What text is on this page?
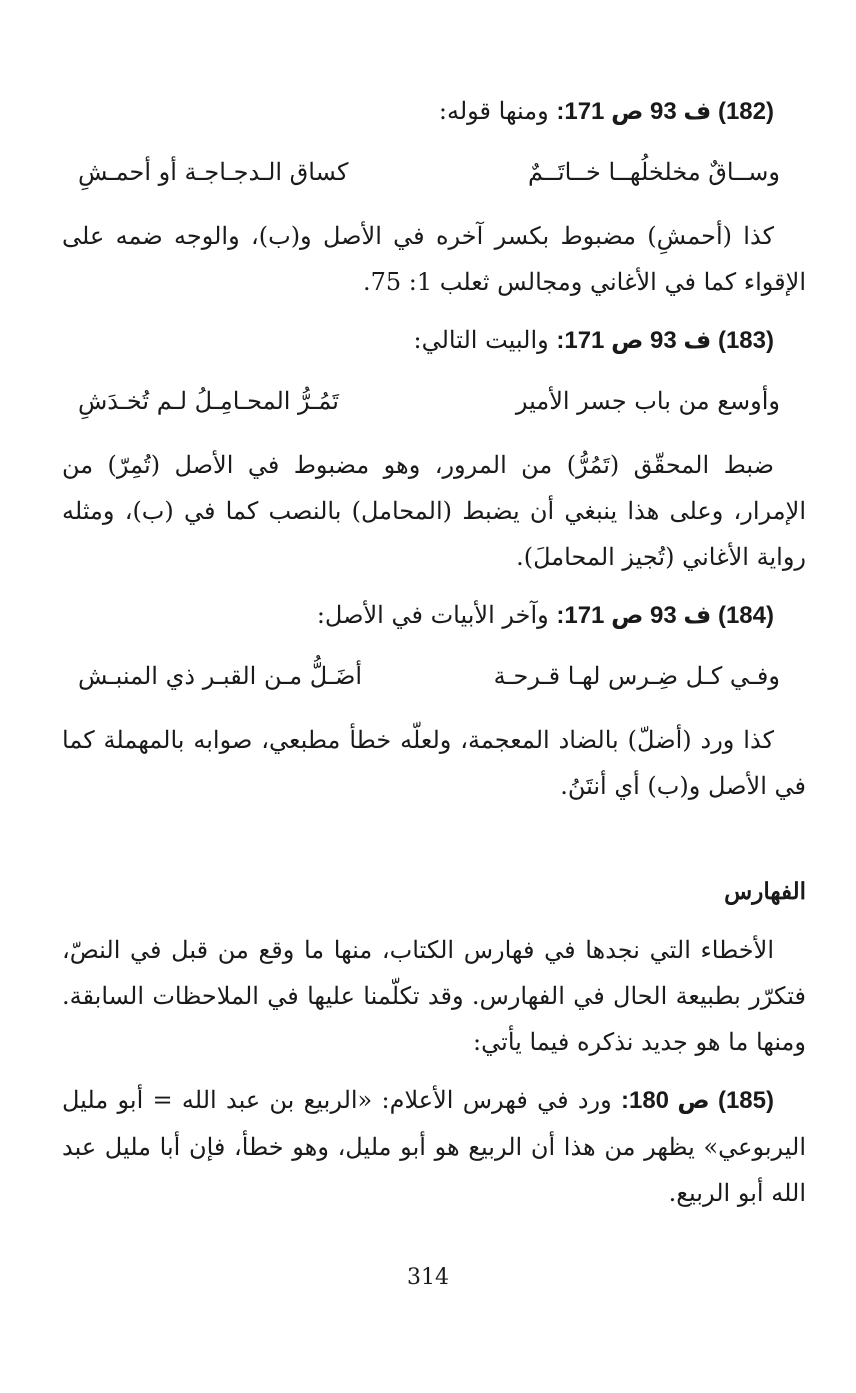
(182) ف 93 ص 171: ومنها قوله:

وســاقٌ مخلخلُهــا خــاتَــمٌ
كساق الـدجـاجـة أو أحمـشِ

كذا (أحمشِ) مضبوط بكسر آخره في الأصل و(ب)، والوجه ضمه على الإقواء كما في الأغاني ومجالس ثعلب 1: 75.

(183) ف 93 ص 171: والبيت التالي:

وأوسع من باب جسر الأمير
تَمُـرُّ المحـامِـلُ لـم تُخـدَشِ

ضبط المحقّق (تَمُرُّ) من المرور، وهو مضبوط في الأصل (تُمِرّ) من الإمرار، وعلى هذا ينبغي أن يضبط (المحامل) بالنصب كما في (ب)، ومثله رواية الأغاني (تُجيز المحاملَ).

(184) ف 93 ص 171: وآخر الأبيات في الأصل:

وفـي كـل ضِـرس لهـا قـرحـة
أضَـلُّ مـن القبـر ذي المنبـش

كذا ورد (أضلّ) بالضاد المعجمة، ولعلّه خطأ مطبعي، صوابه بالمهملة كما في الأصل و(ب) أي أنتَنُ.

الفهارس

الأخطاء التي نجدها في فهارس الكتاب، منها ما وقع من قبل في النصّ، فتكرّر بطبيعة الحال في الفهارس. وقد تكلّمنا عليها في الملاحظات السابقة. ومنها ما هو جديد نذكره فيما يأتي:

(185) ص 180: ورد في فهرس الأعلام: «الربيع بن عبد الله = أبو مليل اليربوعي» يظهر من هذا أن الربيع هو أبو مليل، وهو خطأ، فإن أبا مليل عبد الله أبو الربيع.

314
